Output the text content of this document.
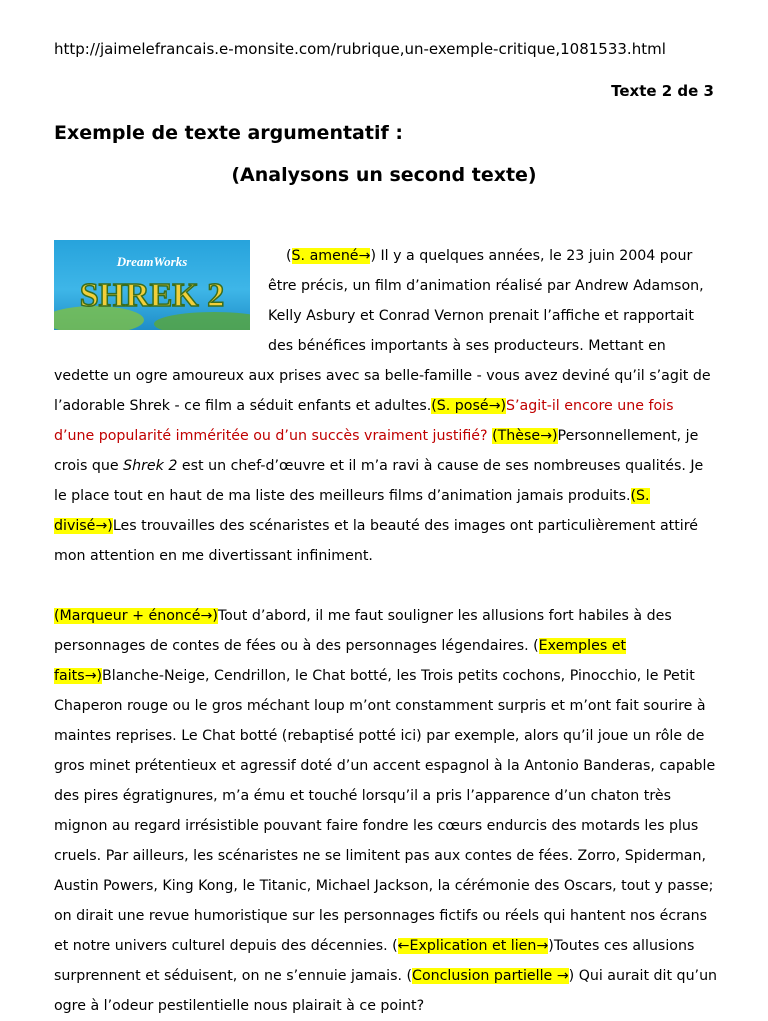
http://jaimelefrancais.e-monsite.com/rubrique,un-exemple-critique,1081533.html
Texte 2 de 3
Exemple de texte argumentatif :
(Analysons un second texte)
DreamWorks
SHREK 2

(S. amené→) Il y a quelques années, le 23 juin 2004 pour être précis, un film d’animation réalisé par Andrew Adamson, Kelly Asbury et Conrad Vernon prenait l’affiche et rapportait des bénéfices importants à ses producteurs. Mettant en vedette un ogre amoureux aux prises avec sa belle-famille - vous avez deviné qu’il s’agit de l’adorable Shrek - ce film a séduit enfants et adultes.(S. posé→)S’agit-il encore une fois d’une popularité imméritée ou d’un succès vraiment justifié? (Thèse→)Personnellement, je crois que Shrek 2 est un chef-d’œuvre et il m’a ravi à cause de ses nombreuses qualités. Je le place tout en haut de ma liste des meilleurs films d’animation jamais produits.(S. divisé→)Les trouvailles des scénaristes et la beauté des images ont particulièrement attiré mon attention en me divertissant infiniment.

(Marqueur + énoncé→)Tout d’abord, il me faut souligner les allusions fort habiles à des personnages de contes de fées ou à des personnages légendaires. (Exemples et faits→)Blanche-Neige, Cendrillon, le Chat botté, les Trois petits cochons, Pinocchio, le Petit Chaperon rouge ou le gros méchant loup m’ont constamment surpris et m’ont fait sourire à maintes reprises. Le Chat botté (rebaptisé potté ici) par exemple, alors qu’il joue un rôle de gros minet prétentieux et agressif doté d’un accent espagnol à la Antonio Banderas, capable des pires égratignures, m’a ému et touché lorsqu’il a pris l’apparence d’un chaton très mignon au regard irrésistible pouvant faire fondre les cœurs endurcis des motards les plus cruels. Par ailleurs, les scénaristes ne se limitent pas aux contes de fées. Zorro, Spiderman, Austin Powers, King Kong, le Titanic, Michael Jackson, la cérémonie des Oscars, tout y passe; on dirait une revue humoristique sur les personnages fictifs ou réels qui hantent nos écrans et notre univers culturel depuis des décennies. (←Explication et lien→)Toutes ces allusions surprennent et séduisent, on ne s’ennuie jamais. (Conclusion partielle →) Qui aurait dit qu’un ogre à l’odeur pestilentielle nous plairait à ce point?
